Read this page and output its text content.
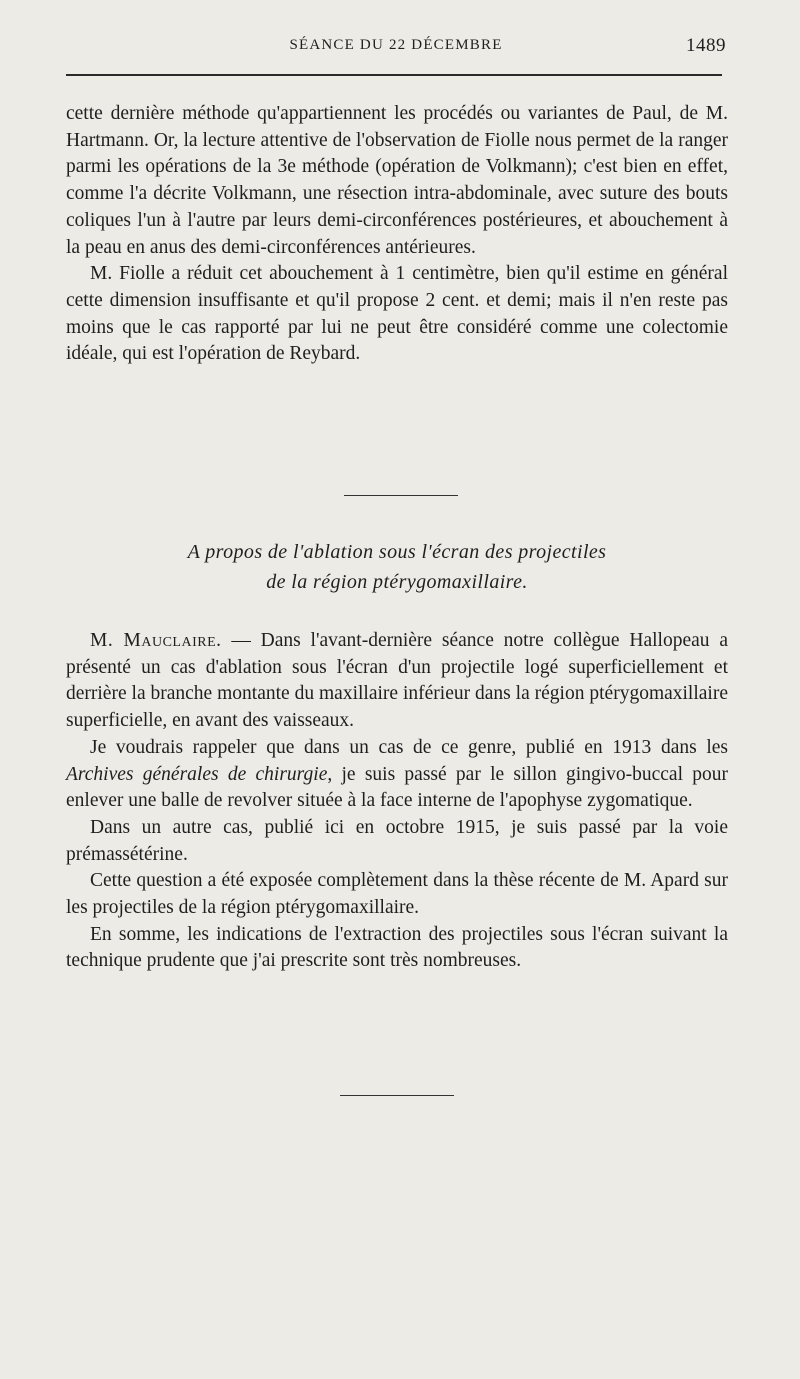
SÉANCE DU 22 DÉCEMBRE	1489

cette dernière méthode qu'appartiennent les procédés ou variantes de Paul, de M. Hartmann. Or, la lecture attentive de l'observation de Fiolle nous permet de la ranger parmi les opérations de la 3e méthode (opération de Volkmann); c'est bien en effet, comme l'a décrite Volkmann, une résection intra-abdominale, avec suture des bouts coliques l'un à l'autre par leurs demi-circonférences postérieures, et abouchement à la peau en anus des demi-circonférences antérieures.

M. Fiolle a réduit cet abouchement à 1 centimètre, bien qu'il estime en général cette dimension insuffisante et qu'il propose 2 cent. et demi; mais il n'en reste pas moins que le cas rapporté par lui ne peut être considéré comme une colectomie idéale, qui est l'opération de Reybard.

A propos de l'ablation sous l'écran des projectiles
de la région ptérygomaxillaire.

M. Mauclaire. — Dans l'avant-dernière séance notre collègue Hallopeau a présenté un cas d'ablation sous l'écran d'un projectile logé superficiellement et derrière la branche montante du maxillaire inférieur dans la région ptérygomaxillaire superficielle, en avant des vaisseaux.

Je voudrais rappeler que dans un cas de ce genre, publié en 1913 dans les Archives générales de chirurgie, je suis passé par le sillon gingivo-buccal pour enlever une balle de revolver située à la face interne de l'apophyse zygomatique.

Dans un autre cas, publié ici en octobre 1915, je suis passé par la voie prémassétérine.

Cette question a été exposée complètement dans la thèse récente de M. Apard sur les projectiles de la région ptérygomaxillaire.

En somme, les indications de l'extraction des projectiles sous l'écran suivant la technique prudente que j'ai prescrite sont très nombreuses.
